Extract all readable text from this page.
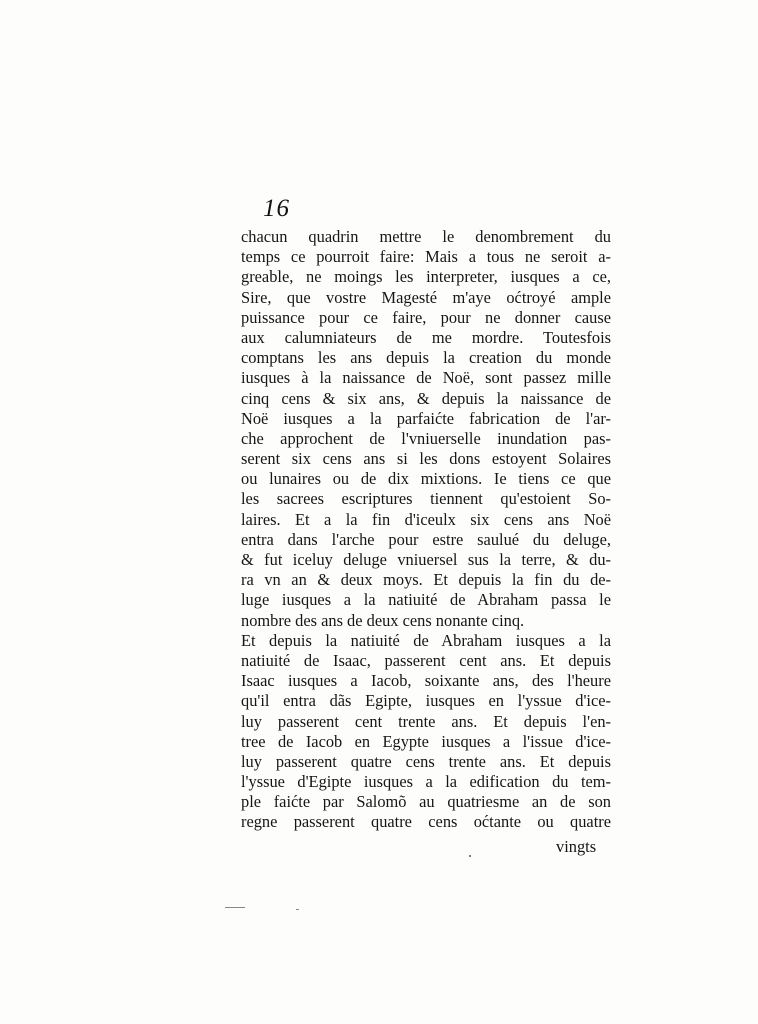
16
chacun quadrin mettre le denombrement du
temps ce pourroit faire: Mais a tous ne seroit a-
greable, ne moings les interpreter, iusques a ce,
Sire, que vostre Magesté m'aye oćtroyé ample
puissance pour ce faire, pour ne donner cause
aux calumniateurs de me mordre. Toutesfois
comptans les ans depuis la creation du monde
iusques à la naissance de Noë, sont passez mille
cinq cens & six ans, & depuis la naissance de
Noë iusques a la parfaićte fabrication de l'ar-
che approchent de l'vniuerselle inundation pas-
serent six cens ans si les dons estoyent Solaires
ou lunaires ou de dix mixtions. Ie tiens ce que
les sacrees escriptures tiennent qu'estoient So-
laires. Et a la fin d'iceulx six cens ans Noë
entra dans l'arche pour estre saulué du deluge,
& fut iceluy deluge vniuersel sus la terre, & du-
ra vn an & deux moys. Et depuis la fin du de-
luge iusques a la natiuité de Abraham passa le
nombre des ans de deux cens nonante cinq.
Et depuis la natiuité de Abraham iusques a la
natiuité de Isaac, passerent cent ans. Et depuis
Isaac iusques a Iacob, soixante ans, des l'heure
qu'il entra dãs Egipte, iusques en l'yssue d'ice-
luy passerent cent trente ans. Et depuis l'en-
tree de Iacob en Egypte iusques a l'issue d'ice-
luy passerent quatre cens trente ans. Et depuis
l'yssue d'Egipte iusques a la edification du tem-
ple faićte par Salomõ au quatriesme an de son
regne passerent quatre cens oćtante ou quatre
vingts
